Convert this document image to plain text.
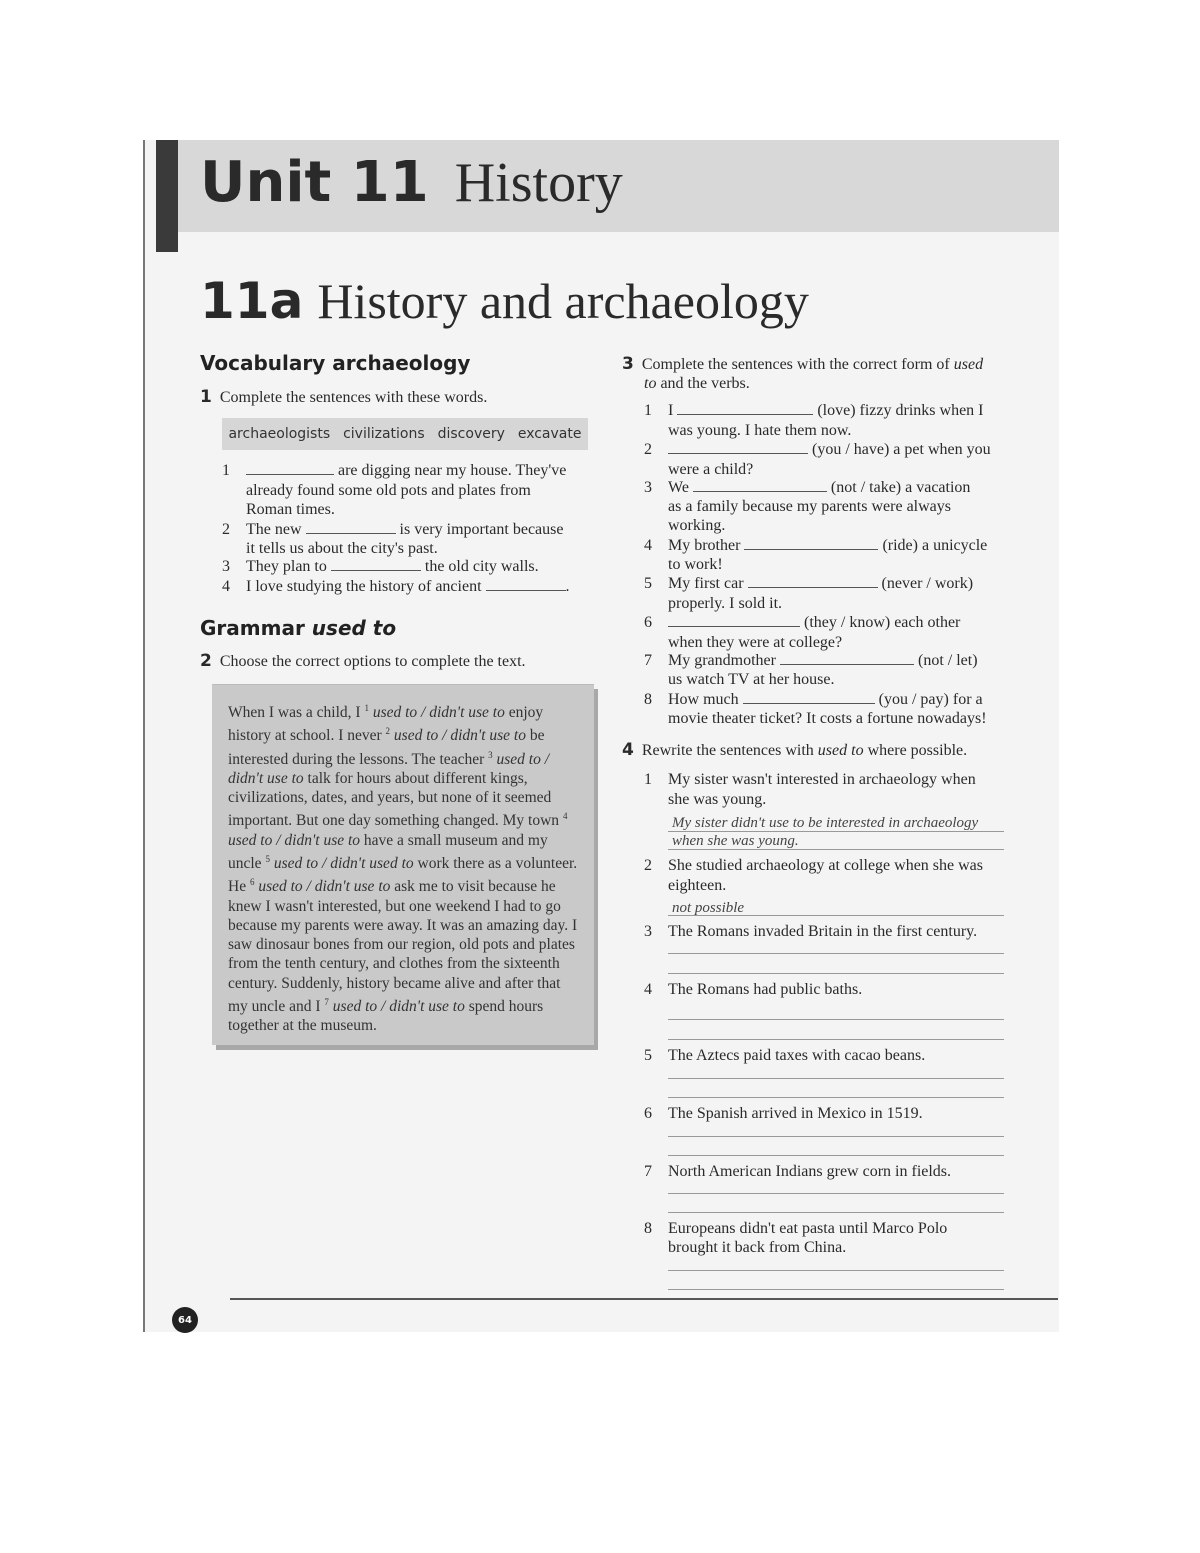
Unit 11 History
11a History and archaeology
Vocabulary archaeology
1 Complete the sentences with these words.
archaeologists civilizations discovery excavate
1	are digging near my house. They've
already found some old pots and plates from
Roman times.
2	The new	is very important because
it tells us about the city's past.
3	They plan to	the old city walls.
4	I love studying the history of ancient	.
Grammar used to
2 Choose the correct options to complete the text.

When I was a child, I $^1$ used to / didn't use to enjoy history at school. I never $^2$ used to / didn't use to be interested during the lessons. The teacher $^3$ used to / didn't use to talk for hours about different kings, civilizations, dates, and years, but none of it seemed important. But one day something changed. My town $^4$ used to / didn't use to have a small museum and my uncle $^5$ used to / didn't used to work there as a volunteer. He $^6$ used to / didn't use to ask me to visit because he knew I wasn't interested, but one weekend I had to go because my parents were away. It was an amazing day. I saw dinosaur bones from our region, old pots and plates from the tenth century, and clothes from the sixteenth century. Suddenly, history became alive and after that my uncle and I $^7$ used to / didn't use to spend hours together at the museum.

3 Complete the sentences with the correct form of used
to and the verbs.
1	I	(love) fizzy drinks when I
was young. I hate them now.
2	(you / have) a pet when you
were a child?
3	We	(not / take) a vacation
as a family because my parents were always
working.
4	My brother	(ride) a unicycle
to work!
5	My first car	(never / work)
properly. I sold it.
6	(they / know) each other
when they were at college?
7	My grandmother	(not / let)
us watch TV at her house.
8	How much	(you / pay) for a
movie theater ticket? It costs a fortune nowadays!
4 Rewrite the sentences with used to where possible.
1	My sister wasn't interested in archaeology when
she was young.
My sister didn't use to be interested in archaeology
when she was young.
2	She studied archaeology at college when she was
eighteen.
not possible
3	The Romans invaded Britain in the first century.
4	The Romans had public baths.
5	The Aztecs paid taxes with cacao beans.
6	The Spanish arrived in Mexico in 1519.
7	North American Indians grew corn in fields.
8	Europeans didn't eat pasta until Marco Polo
brought it back from China.
64
